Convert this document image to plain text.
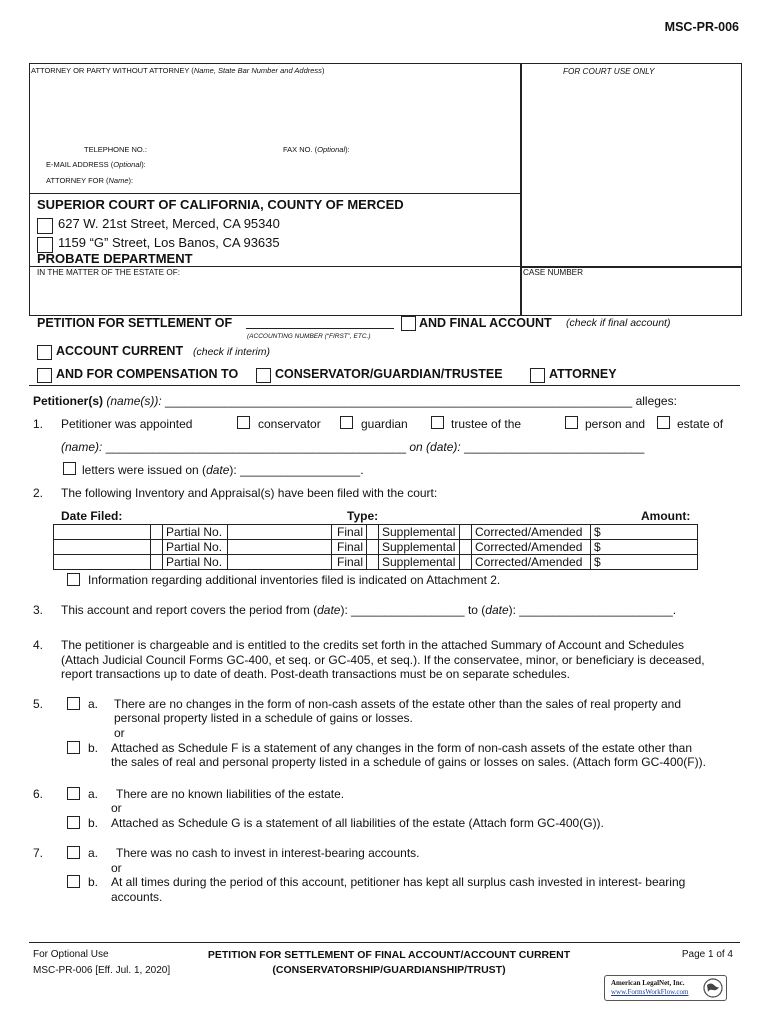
MSC-PR-006
ATTORNEY OR PARTY WITHOUT ATTORNEY (Name, State Bar Number and Address)	FOR COURT USE ONLY
TELEPHONE NO.:	FAX NO. (Optional):
E-MAIL ADDRESS (Optional):
ATTORNEY FOR (Name):
SUPERIOR COURT OF CALIFORNIA, COUNTY OF MERCED
627 W. 21st Street, Merced, CA 95340
1159 “G” Street, Los Banos, CA 93635
PROBATE DEPARTMENT
IN THE MATTER OF THE ESTATE OF:	CASE NUMBER
PETITION FOR SETTLEMENT OF	AND FINAL ACCOUNT (check if final account)
(ACCOUNTING NUMBER (“FIRST”, ETC.)
ACCOUNT CURRENT (check if interim)
AND FOR COMPENSATION TO	CONSERVATOR/GUARDIAN/TRUSTEE	ATTORNEY
Petitioner(s) (name(s)): ______________________________________________________________________ alleges:
1. Petitioner was appointed	conservator	guardian	trustee of the	person and	estate of
(name): _____________________________________________ on (date): ___________________________
letters were issued on (date): __________________.
2. The following Inventory and Appraisal(s) have been filed with the court:
Date Filed:	Type:	Amount:
		Partial No.		Final		Supplemental		Corrected/Amended	$
		Partial No.		Final		Supplemental		Corrected/Amended	$
		Partial No.		Final		Supplemental		Corrected/Amended	$
Information regarding additional inventories filed is indicated on Attachment 2.
3. This account and report covers the period from (date): _________________ to (date): _______________________.
4. The petitioner is chargeable and is entitled to the credits set forth in the attached Summary of Account and Schedules
(Attach Judicial Council Forms GC-400, et seq. or GC-405, et seq.). If the conservatee, minor, or beneficiary is deceased,
report transactions up to date of death. Post-death transactions must be on separate schedules.
5.	a. There are no changes in the form of non-cash assets of the estate other than the sales of real property and
personal property listed in a schedule of gains or losses.
or
b. Attached as Schedule F is a statement of any changes in the form of non-cash assets of the estate other than
the sales of real and personal property listed in a schedule of gains or losses on sales. (Attach form GC-400(F)).
6.	a. There are no known liabilities of the estate.
or
b. Attached as Schedule G is a statement of all liabilities of the estate (Attach form GC-400(G)).
7.	a. There was no cash to invest in interest-bearing accounts.
or
b. At all times during the period of this account, petitioner has kept all surplus cash invested in interest- bearing
accounts.
For Optional Use
MSC-PR-006 [Eff. Jul. 1, 2020]
PETITION FOR SETTLEMENT OF FINAL ACCOUNT/ACCOUNT CURRENT
(CONSERVATORSHIP/GUARDIANSHIP/TRUST)
Page 1 of 4
American LegalNet, Inc.
www.FormsWorkFlow.com
